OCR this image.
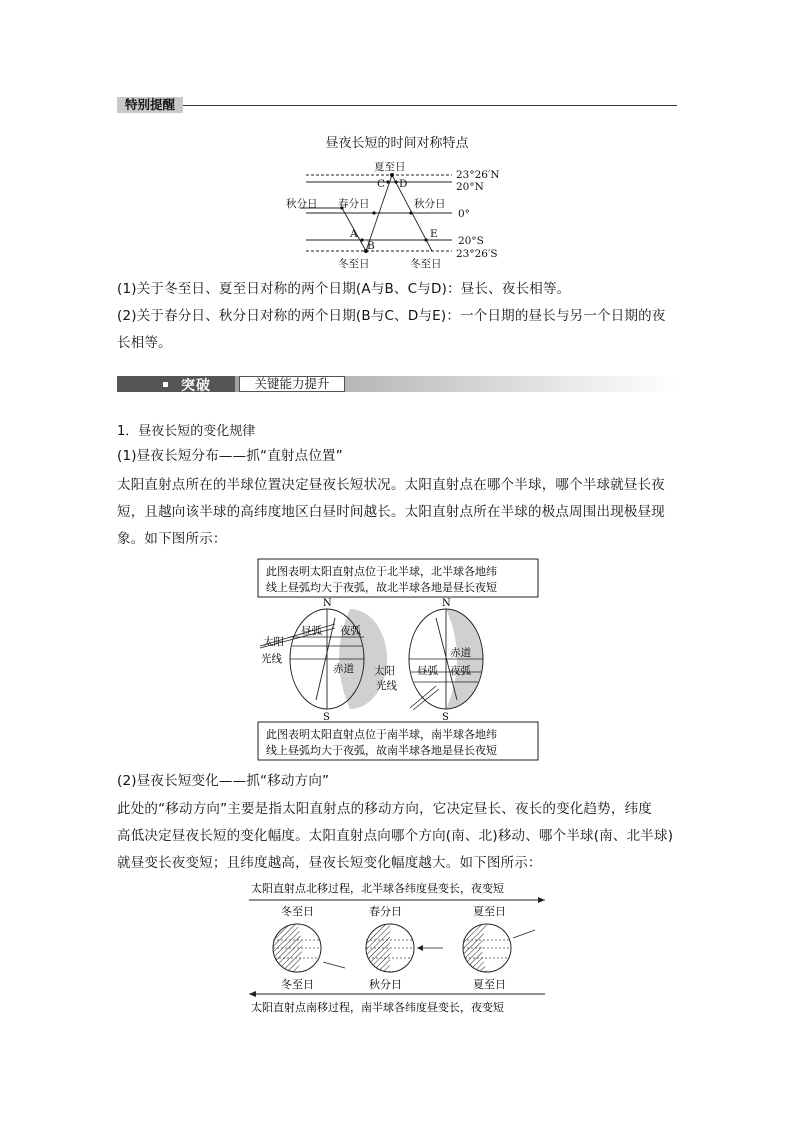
特别提醒
昼夜长短的时间对称特点
23°26′N
20°N
0°
20°S
23°26′S
夏至日
秋分日 春分日	秋分日
冬至日	冬至日
A
B
C D
E
(1)关于冬至日、夏至日对称的两个日期(A与B、C与D)：昼长、夜长相等。
(2)关于春分日、秋分日对称的两个日期(B与C、D与E)：一个日期的昼长与另一个日期的夜
长相等。
突破	关键能力提升
1．昼夜长短的变化规律
(1)昼夜长短分布——抓“直射点位置”
太阳直射点所在的半球位置决定昼夜长短状况。太阳直射点在哪个半球，哪个半球就昼长夜
短，且越向该半球的高纬度地区白昼时间越长。太阳直射点所在半球的极点周围出现极昼现
象。如下图所示：
此图表明太阳直射点位于北半球，北半球各地纬
线上昼弧均大于夜弧，故北半球各地是昼长夜短
此图表明太阳直射点位于南半球，南半球各地纬
线上昼弧均大于夜弧，故南半球各地是昼长夜短
N
S
昼弧 夜弧
赤道
太阳
光线
N
S
昼弧 夜弧
赤道
太阳
光线
(2)昼夜长短变化——抓“移动方向”
此处的“移动方向”主要是指太阳直射点的移动方向，它决定昼长、夜长的变化趋势，纬度
高低决定昼夜长短的变化幅度。太阳直射点向哪个方向(南、北)移动、哪个半球(南、北半球)
就昼变长夜变短；且纬度越高，昼夜长短变化幅度越大。如下图所示：
太阳直射点北移过程，北半球各纬度昼变长，夜变短
冬至日	春分日	夏至日
冬至日	秋分日	夏至日
太阳直射点南移过程，南半球各纬度昼变长，夜变短
